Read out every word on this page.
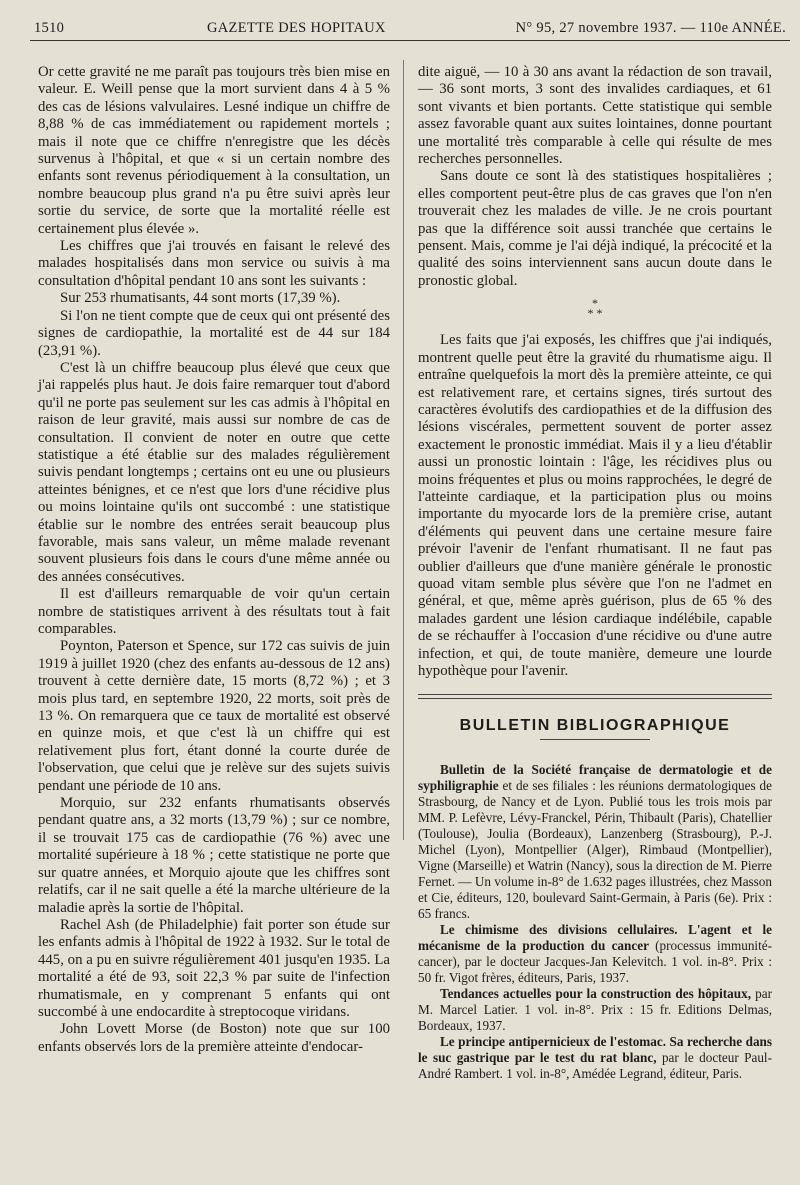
1510	GAZETTE DES HOPITAUX	N° 95, 27 novembre 1937. — 110e ANNÉE.

Or cette gravité ne me paraît pas toujours très bien mise en valeur. E. Weill pense que la mort survient dans 4 à 5 % des cas de lésions valvulaires. Lesné indique un chiffre de 8,88 % de cas immédiatement ou rapidement mortels ; mais il note que ce chiffre n'enregistre que les décès survenus à l'hôpital, et que « si un certain nombre des enfants sont revenus périodiquement à la consultation, un nombre beaucoup plus grand n'a pu être suivi après leur sortie du service, de sorte que la mortalité réelle est certainement plus élevée ».

Les chiffres que j'ai trouvés en faisant le relevé des malades hospitalisés dans mon service ou suivis à ma consultation d'hôpital pendant 10 ans sont les suivants :

Sur 253 rhumatisants, 44 sont morts (17,39 %).

Si l'on ne tient compte que de ceux qui ont présenté des signes de cardiopathie, la mortalité est de 44 sur 184 (23,91 %).

C'est là un chiffre beaucoup plus élevé que ceux que j'ai rappelés plus haut. Je dois faire remarquer tout d'abord qu'il ne porte pas seulement sur les cas admis à l'hôpital en raison de leur gravité, mais aussi sur nombre de cas de consultation. Il convient de noter en outre que cette statistique a été établie sur des malades régulièrement suivis pendant longtemps ; certains ont eu une ou plusieurs atteintes bénignes, et ce n'est que lors d'une récidive plus ou moins lointaine qu'ils ont succombé : une statistique établie sur le nombre des entrées serait beaucoup plus favorable, mais sans valeur, un même malade revenant souvent plusieurs fois dans le cours d'une même année ou des années consécutives.

Il est d'ailleurs remarquable de voir qu'un certain nombre de statistiques arrivent à des résultats tout à fait comparables.

Poynton, Paterson et Spence, sur 172 cas suivis de juin 1919 à juillet 1920 (chez des enfants au-dessous de 12 ans) trouvent à cette dernière date, 15 morts (8,72 %) ; et 3 mois plus tard, en septembre 1920, 22 morts, soit près de 13 %. On remarquera que ce taux de mortalité est observé en quinze mois, et que c'est là un chiffre qui est relativement plus fort, étant donné la courte durée de l'observation, que celui que je relève sur des sujets suivis pendant une période de 10 ans.

Morquio, sur 232 enfants rhumatisants observés pendant quatre ans, a 32 morts (13,79 %) ; sur ce nombre, il se trouvait 175 cas de cardiopathie (76 %) avec une mortalité supérieure à 18 % ; cette statistique ne porte que sur quatre années, et Morquio ajoute que les chiffres sont relatifs, car il ne sait quelle a été la marche ultérieure de la maladie après la sortie de l'hôpital.

Rachel Ash (de Philadelphie) fait porter son étude sur les enfants admis à l'hôpital de 1922 à 1932. Sur le total de 445, on a pu en suivre régulièrement 401 jusqu'en 1935. La mortalité a été de 93, soit 22,3 % par suite de l'infection rhumatismale, en y comprenant 5 enfants qui ont succombé à une endocardite à streptocoque viridans.

John Lovett Morse (de Boston) note que sur 100 enfants observés lors de la première atteinte d'endocar-

dite aiguë, — 10 à 30 ans avant la rédaction de son travail, — 36 sont morts, 3 sont des invalides cardiaques, et 61 sont vivants et bien portants. Cette statistique qui semble assez favorable quant aux suites lointaines, donne pourtant une mortalité très comparable à celle qui résulte de mes recherches personnelles.

Sans doute ce sont là des statistiques hospitalières ; elles comportent peut-être plus de cas graves que l'on n'en trouverait chez les malades de ville. Je ne crois pourtant pas que la différence soit aussi tranchée que certains le pensent. Mais, comme je l'ai déjà indiqué, la précocité et la qualité des soins interviennent sans aucun doute dans le pronostic global.

*
* *

Les faits que j'ai exposés, les chiffres que j'ai indiqués, montrent quelle peut être la gravité du rhumatisme aigu. Il entraîne quelquefois la mort dès la première atteinte, ce qui est relativement rare, et certains signes, tirés surtout des caractères évolutifs des cardiopathies et de la diffusion des lésions viscérales, permettent souvent de porter assez exactement le pronostic immédiat. Mais il y a lieu d'établir aussi un pronostic lointain : l'âge, les récidives plus ou moins fréquentes et plus ou moins rapprochées, le degré de l'atteinte cardiaque, et la participation plus ou moins importante du myocarde lors de la première crise, autant d'éléments qui peuvent dans une certaine mesure faire prévoir l'avenir de l'enfant rhumatisant. Il ne faut pas oublier d'ailleurs que d'une manière générale le pronostic quoad vitam semble plus sévère que l'on ne l'admet en général, et que, même après guérison, plus de 65 % des malades gardent une lésion cardiaque indélébile, capable de se réchauffer à l'occasion d'une récidive ou d'une autre infection, et qui, de toute manière, demeure une lourde hypothèque pour l'avenir.

BULLETIN BIBLIOGRAPHIQUE

Bulletin de la Société française de dermatologie et de syphiligraphie et de ses filiales : les réunions dermatologiques de Strasbourg, de Nancy et de Lyon. Publié tous les trois mois par MM. P. Lefèvre, Lévy-Franckel, Périn, Thibault (Paris), Chatellier (Toulouse), Joulia (Bordeaux), Lanzenberg (Strasbourg), P.-J. Michel (Lyon), Montpellier (Alger), Rimbaud (Montpellier), Vigne (Marseille) et Watrin (Nancy), sous la direction de M. Pierre Fernet. — Un volume in-8° de 1.632 pages illustrées, chez Masson et Cie, éditeurs, 120, boulevard Saint-Germain, à Paris (6e). Prix : 65 francs.

Le chimisme des divisions cellulaires. L'agent et le mécanisme de la production du cancer (processus immunité-cancer), par le docteur Jacques-Jan Kelevitch. 1 vol. in-8°. Prix : 50 fr. Vigot frères, éditeurs, Paris, 1937.

Tendances actuelles pour la construction des hôpitaux, par M. Marcel Latier. 1 vol. in-8°. Prix : 15 fr. Editions Delmas, Bordeaux, 1937.

Le principe antipernicieux de l'estomac. Sa recherche dans le suc gastrique par le test du rat blanc, par le docteur Paul-André Rambert. 1 vol. in-8°, Amédée Legrand, éditeur, Paris.
